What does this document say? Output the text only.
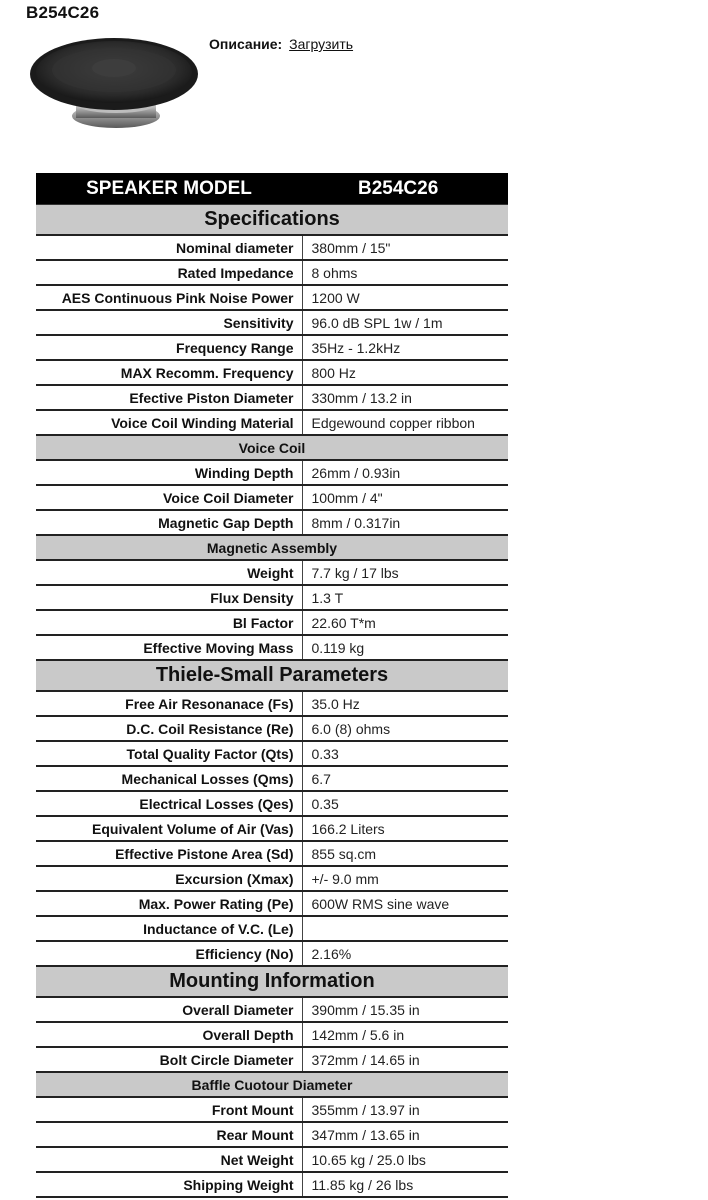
B254C26
Описание: Загрузить
SPEAKER MODEL	B254C26
Specifications	
Nominal diameter	380mm / 15"
Rated Impedance	8 ohms
AES Continuous Pink Noise Power	1200 W
Sensitivity	96.0 dB SPL 1w / 1m
Frequency Range	35Hz - 1.2kHz
MAX Recomm. Frequency	800 Hz
Efective Piston Diameter	330mm / 13.2 in
Voice Coil Winding Material	Edgewound copper ribbon
Voice Coil	
Winding Depth	26mm / 0.93in
Voice Coil Diameter	100mm / 4"
Magnetic Gap Depth	8mm / 0.317in
Magnetic Assembly	
Weight	7.7 kg / 17 lbs
Flux Density	1.3 T
Bl Factor	22.60 T*m
Effective Moving Mass	0.119 kg
Thiele-Small Parameters	
Free Air Resonanace (Fs)	35.0 Hz
D.C. Coil Resistance (Re)	6.0 (8) ohms
Total Quality Factor (Qts)	0.33
Mechanical Losses (Qms)	6.7
Electrical Losses (Qes)	0.35
Equivalent Volume of Air (Vas)	166.2 Liters
Effective Pistone Area (Sd)	855 sq.cm
Excursion (Xmax)	+/- 9.0 mm
Max. Power Rating (Pe)	600W RMS sine wave
Inductance of V.C. (Le)	
Efficiency (No)	2.16%
Mounting Information	
Overall Diameter	390mm / 15.35 in
Overall Depth	142mm / 5.6 in
Bolt Circle Diameter	372mm / 14.65 in
Baffle Cuotour Diameter	
Front Mount	355mm / 13.97 in
Rear Mount	347mm / 13.65 in
Net Weight	10.65 kg / 25.0 lbs
Shipping Weight	11.85 kg / 26 lbs
